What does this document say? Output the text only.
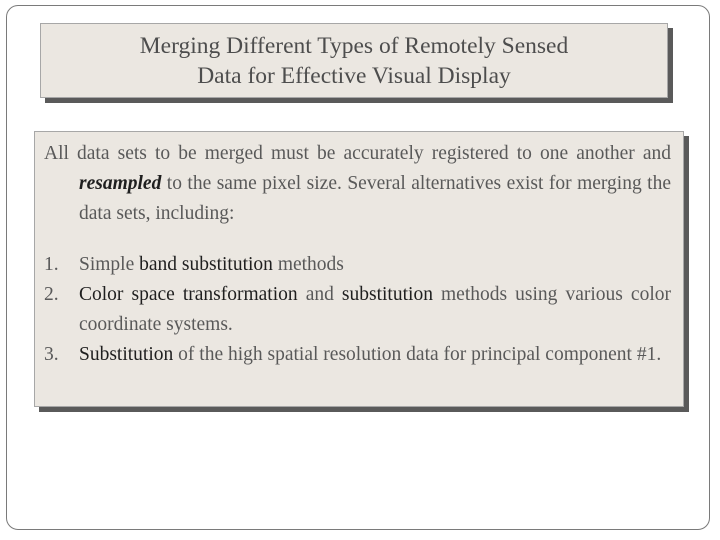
Merging Different Types of Remotely Sensed
Data for Effective Visual Display

All data sets to be merged must be accurately registered to one another and resampled to the same pixel size. Several alternatives exist for merging the data sets, including:

1. Simple band substitution methods
2. Color space transformation and substitution methods using various color coordinate systems.
3. Substitution of the high spatial resolution data for principal component #1.
